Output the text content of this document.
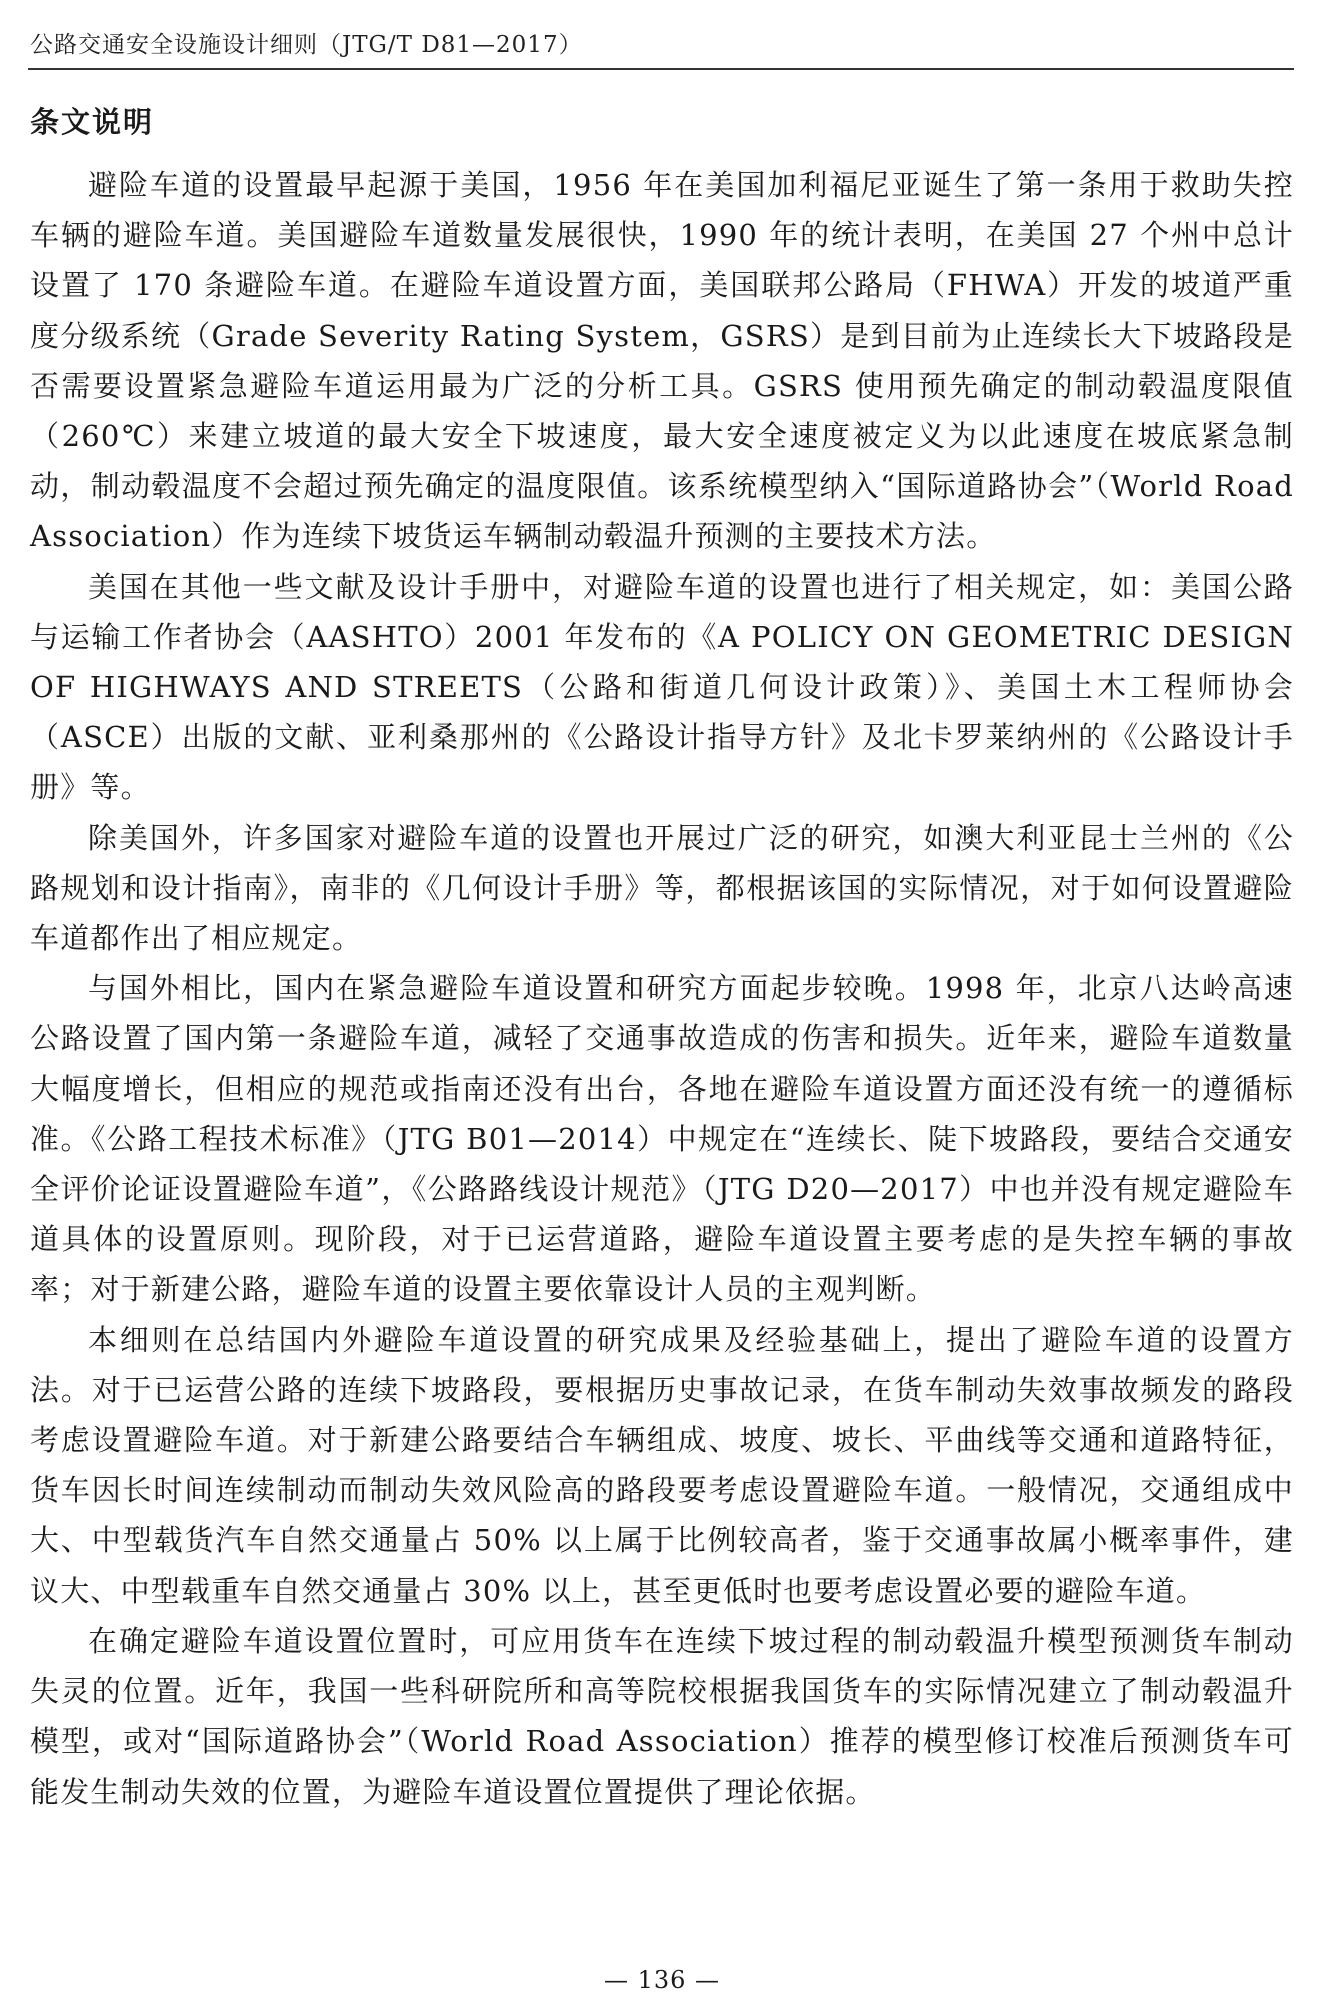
公路交通安全设施设计细则（JTG/T D81—2017）
条文说明

避险车道的设置最早起源于美国，1956 年在美国加利福尼亚诞生了第一条用于救助失控车辆的避险车道。美国避险车道数量发展很快，1990 年的统计表明，在美国 27 个州中总计设置了 170 条避险车道。在避险车道设置方面，美国联邦公路局（FHWA）开发的坡道严重度分级系统（Grade Severity Rating System，GSRS）是到目前为止连续长大下坡路段是否需要设置紧急避险车道运用最为广泛的分析工具。GSRS 使用预先确定的制动毂温度限值（260℃）来建立坡道的最大安全下坡速度，最大安全速度被定义为以此速度在坡底紧急制动，制动毂温度不会超过预先确定的温度限值。该系统模型纳入“国际道路协会”（World Road Association）作为连续下坡货运车辆制动毂温升预测的主要技术方法。

美国在其他一些文献及设计手册中，对避险车道的设置也进行了相关规定，如：美国公路与运输工作者协会（AASHTO）2001 年发布的《A POLICY ON GEOMETRIC DESIGN OF HIGHWAYS AND STREETS（公路和街道几何设计政策）》、美国土木工程师协会（ASCE）出版的文献、亚利桑那州的《公路设计指导方针》及北卡罗莱纳州的《公路设计手册》等。

除美国外，许多国家对避险车道的设置也开展过广泛的研究，如澳大利亚昆士兰州的《公路规划和设计指南》，南非的《几何设计手册》等，都根据该国的实际情况，对于如何设置避险车道都作出了相应规定。

与国外相比，国内在紧急避险车道设置和研究方面起步较晚。1998 年，北京八达岭高速公路设置了国内第一条避险车道，减轻了交通事故造成的伤害和损失。近年来，避险车道数量大幅度增长，但相应的规范或指南还没有出台，各地在避险车道设置方面还没有统一的遵循标准。《公路工程技术标准》（JTG B01—2014）中规定在“连续长、陡下坡路段，要结合交通安全评价论证设置避险车道”，《公路路线设计规范》（JTG D20—2017）中也并没有规定避险车道具体的设置原则。现阶段，对于已运营道路，避险车道设置主要考虑的是失控车辆的事故率；对于新建公路，避险车道的设置主要依靠设计人员的主观判断。

本细则在总结国内外避险车道设置的研究成果及经验基础上，提出了避险车道的设置方法。对于已运营公路的连续下坡路段，要根据历史事故记录，在货车制动失效事故频发的路段考虑设置避险车道。对于新建公路要结合车辆组成、坡度、坡长、平曲线等交通和道路特征，货车因长时间连续制动而制动失效风险高的路段要考虑设置避险车道。一般情况，交通组成中大、中型载货汽车自然交通量占 50% 以上属于比例较高者，鉴于交通事故属小概率事件，建议大、中型载重车自然交通量占 30% 以上，甚至更低时也要考虑设置必要的避险车道。

在确定避险车道设置位置时，可应用货车在连续下坡过程的制动毂温升模型预测货车制动失灵的位置。近年，我国一些科研院所和高等院校根据我国货车的实际情况建立了制动毂温升模型，或对“国际道路协会”（World Road Association）推荐的模型修订校准后预测货车可能发生制动失效的位置，为避险车道设置位置提供了理论依据。

— 136 —
